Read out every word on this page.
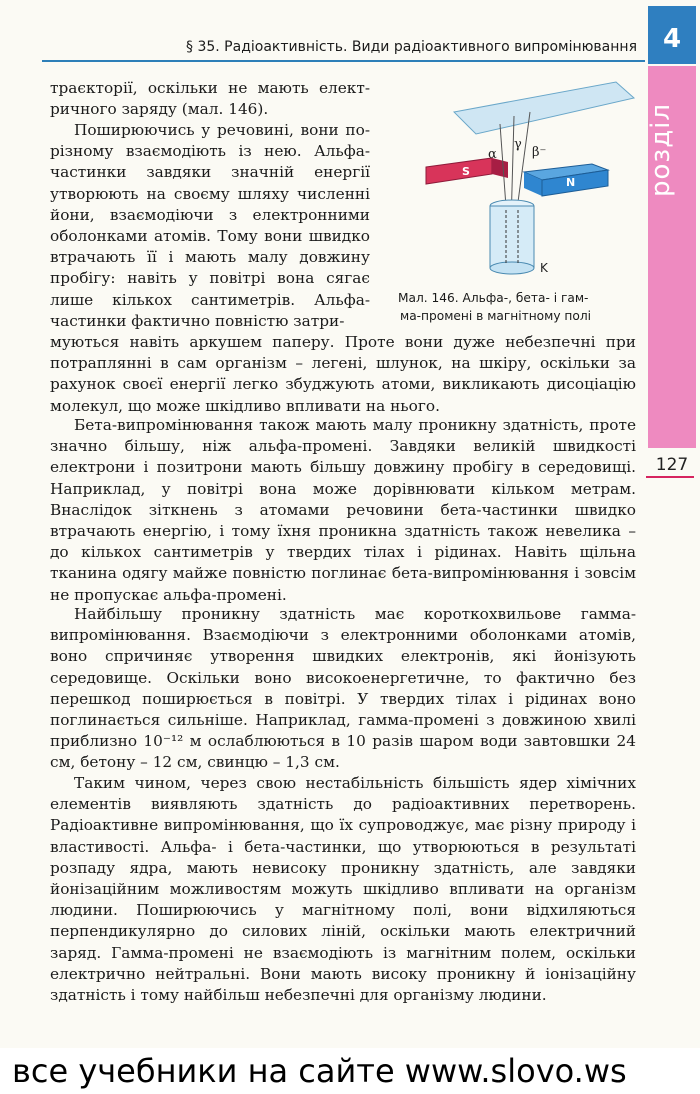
§ 35. Радіоактивність. Види радіоактивного випромінювання 4
розділ
127

траєкторії, оскільки не мають електричного заряду (мал. 146).

Поширюючись у речовині, вони по-різному взаємодіють із нею. Альфа-частинки завдяки значній енергії утворюють на своєму шляху численні йони, взаємодіючи з електронними оболонками атомів. Тому вони швидко втрачають її і мають малу довжину пробігу: навіть у повітрі вона сягає лише кількох сантиметрів. Альфа-частинки фактично повністю затри-

муються навіть аркушем паперу. Проте вони дуже небезпечні при потраплянні в сам організм – легені, шлунок, на шкіру, оскільки за рахунок своєї енергії легко збуджують атоми, викликають дисоціацію молекул, що може шкідливо впливати на нього.

Бета-випромінювання також мають малу проникну здатність, проте значно більшу, ніж альфа-промені. Завдяки великій швидкості електрони і позитрони мають більшу довжину пробігу в середовищі. Наприклад, у повітрі вона може дорівнювати кільком метрам. Внаслідок зіткнень з атомами речовини бета-частинки швидко втрачають енергію, і тому їхня проникна здатність також невелика – до кількох сантиметрів у твердих тілах і рідинах. Навіть щільна тканина одягу майже повністю поглинає бета-випромінювання і зовсім не пропускає альфа-промені.

Найбільшу проникну здатність має короткохвильове гамма-випромінювання. Взаємодіючи з електронними оболонками атомів, воно спричиняє утворення швидких електронів, які йонізують середовище. Оскільки воно високоенергетичне, то фактично без перешкод поширюється в повітрі. У твердих тілах і рідинах воно поглинається сильніше. Наприклад, гамма-промені з довжиною хвилі приблизно 10⁻¹² м ослаблюються в 10 разів шаром води завтовшки 24 см, бетону – 12 см, свинцю – 1,3 см.

Таким чином, через свою нестабільність більшість ядер хімічних елементів виявляють здатність до радіоактивних перетворень. Радіоактивне випромінювання, що їх супроводжує, має різну природу і властивості. Альфа- і бета-частинки, що утворюються в результаті розпаду ядра, мають невисоку проникну здатність, але завдяки йонізаційним можливостям можуть шкідливо впливати на організм людини. Поширюючись у магнітному полі, вони відхиляються перпендикулярно до силових ліній, оскільки мають електричний заряд. Гамма-промені не взаємодіють із магнітним полем, оскільки електрично нейтральні. Вони мають високу проникну й іонізаційну здатність і тому найбільш небезпечні для організму людини.

S
N
α
γ
β⁻
K
Мал. 146. Альфа-, бета- і гам-
ма-промені в магнітному полі
все учебники на сайте www.slovo.ws
